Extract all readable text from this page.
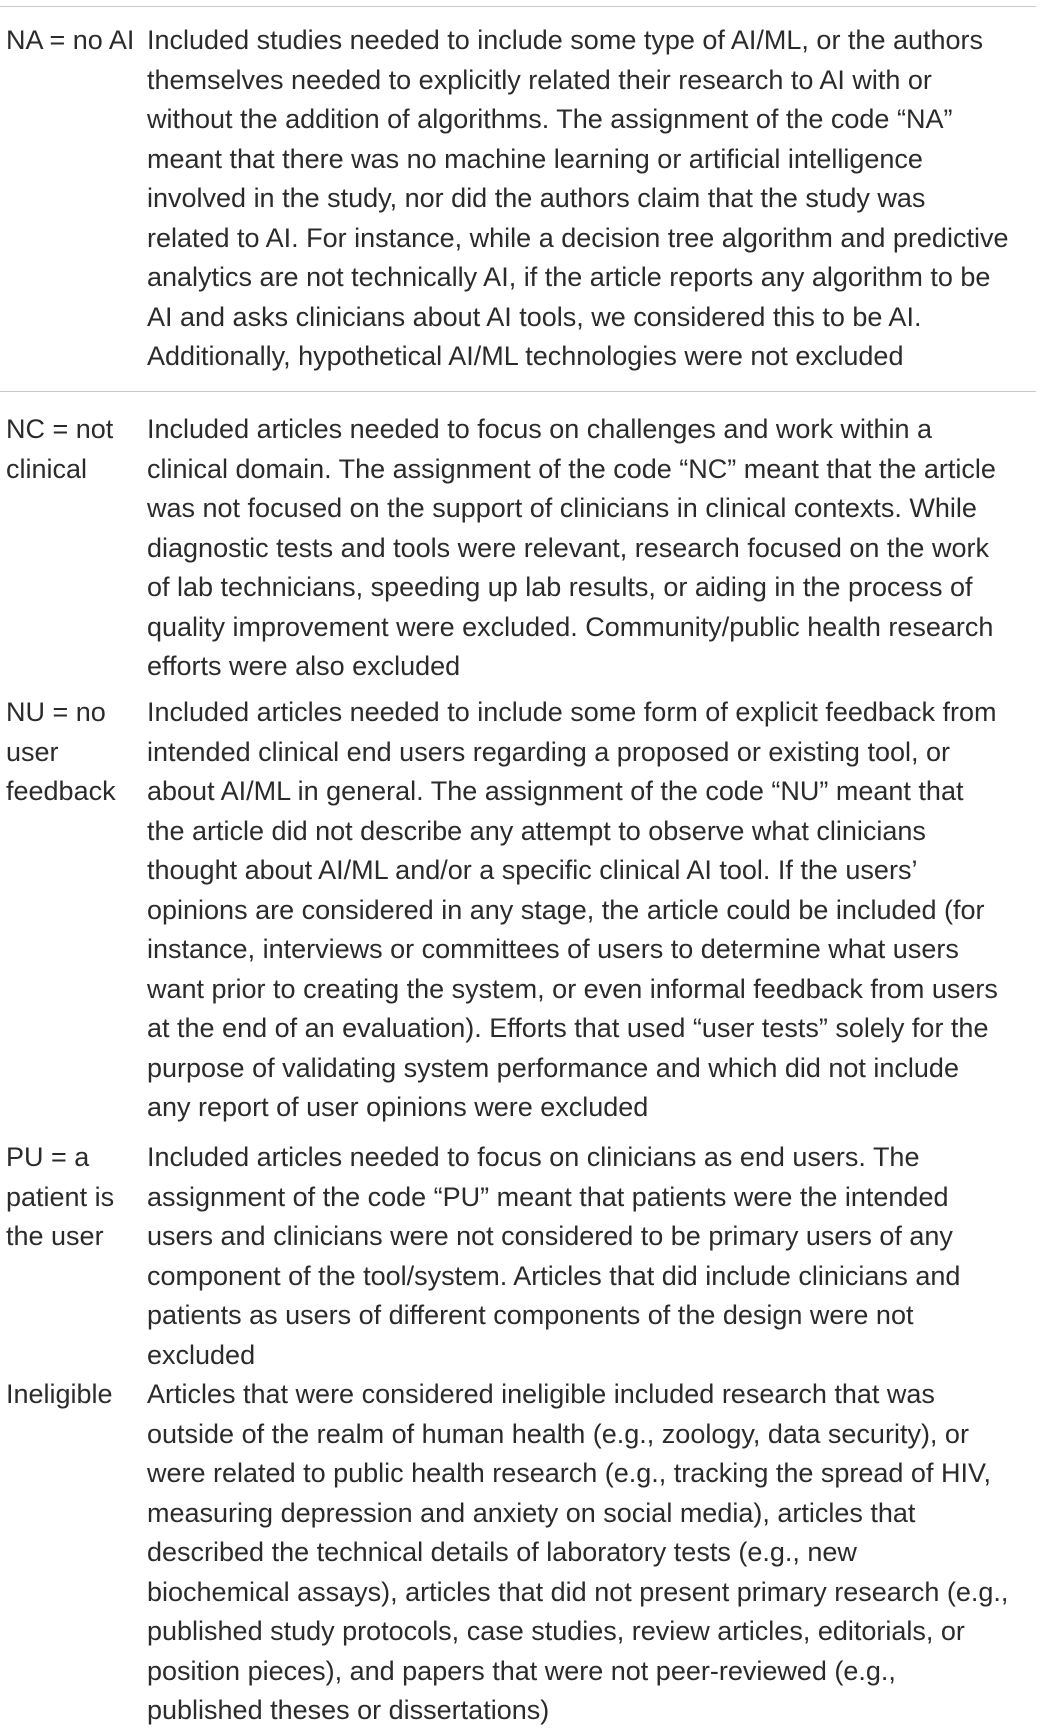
NA = no AI Included studies needed to include some type of AI/ML, or the authors
themselves needed to explicitly related their research to AI with or
without the addition of algorithms. The assignment of the code “NA”
meant that there was no machine learning or artificial intelligence
involved in the study, nor did the authors claim that the study was
related to AI. For instance, while a decision tree algorithm and predictive
analytics are not technically AI, if the article reports any algorithm to be
AI and asks clinicians about AI tools, we considered this to be AI.
Additionally, hypothetical AI/ML technologies were not excluded
NC = not
clinical
Included articles needed to focus on challenges and work within a
clinical domain. The assignment of the code “NC” meant that the article
was not focused on the support of clinicians in clinical contexts. While
diagnostic tests and tools were relevant, research focused on the work
of lab technicians, speeding up lab results, or aiding in the process of
quality improvement were excluded. Community/public health research
efforts were also excluded
NU = no
user
feedback
Included articles needed to include some form of explicit feedback from
intended clinical end users regarding a proposed or existing tool, or
about AI/ML in general. The assignment of the code “NU” meant that
the article did not describe any attempt to observe what clinicians
thought about AI/ML and/or a specific clinical AI tool. If the users’
opinions are considered in any stage, the article could be included (for
instance, interviews or committees of users to determine what users
want prior to creating the system, or even informal feedback from users
at the end of an evaluation). Efforts that used “user tests” solely for the
purpose of validating system performance and which did not include
any report of user opinions were excluded
PU = a
patient is
the user
Included articles needed to focus on clinicians as end users. The
assignment of the code “PU” meant that patients were the intended
users and clinicians were not considered to be primary users of any
component of the tool/system. Articles that did include clinicians and
patients as users of different components of the design were not
excluded
Ineligible	Articles that were considered ineligible included research that was
outside of the realm of human health (e.g., zoology, data security), or
were related to public health research (e.g., tracking the spread of HIV,
measuring depression and anxiety on social media), articles that
described the technical details of laboratory tests (e.g., new
biochemical assays), articles that did not present primary research (e.g.,
published study protocols, case studies, review articles, editorials, or
position pieces), and papers that were not peer-reviewed (e.g.,
published theses or dissertations)
